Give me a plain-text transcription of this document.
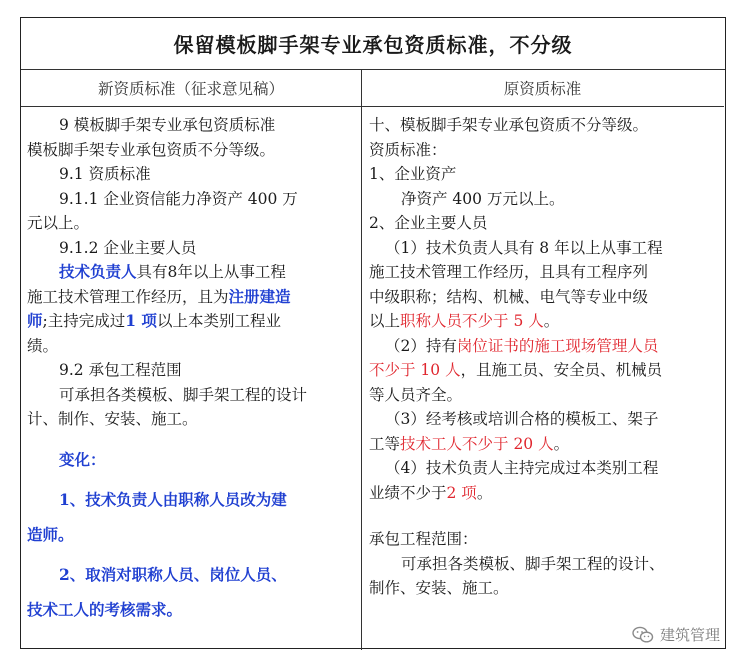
保留模板脚手架专业承包资质标准，不分级
新资质标准（征求意见稿）	原资质标准

9 模板脚手架专业承包资质标准

模板脚手架专业承包资质不分等级。

9.1 资质标准

9.1.1 企业资信能力净资产 400 万

元以上。

9.1.2 企业主要人员

技术负责人具有8年以上从事工程

施工技术管理工作经历，且为注册建造

师;主持完成过1 项以上本类别工程业

绩。

9.2 承包工程范围

可承担各类模板、脚手架工程的设计

计、制作、安装、施工。

变化：

1、技术负责人由职称人员改为建

造师。

2、取消对职称人员、岗位人员、

技术工人的考核需求。

十、模板脚手架专业承包资质不分等级。

资质标准：

1、企业资产

净资产 400 万元以上。

2、企业主要人员

（1）技术负责人具有 8 年以上从事工程

施工技术管理工作经历，且具有工程序列

中级职称；结构、机械、电气等专业中级

以上职称人员不少于 5 人。

（2）持有岗位证书的施工现场管理人员

不少于 10 人，且施工员、安全员、机械员

等人员齐全。

（3）经考核或培训合格的模板工、架子

工等技术工人不少于 20 人。

（4）技术负责人主持完成过本类别工程

业绩不少于2 项。

承包工程范围：

可承担各类模板、脚手架工程的设计、

制作、安装、施工。

建筑管理
